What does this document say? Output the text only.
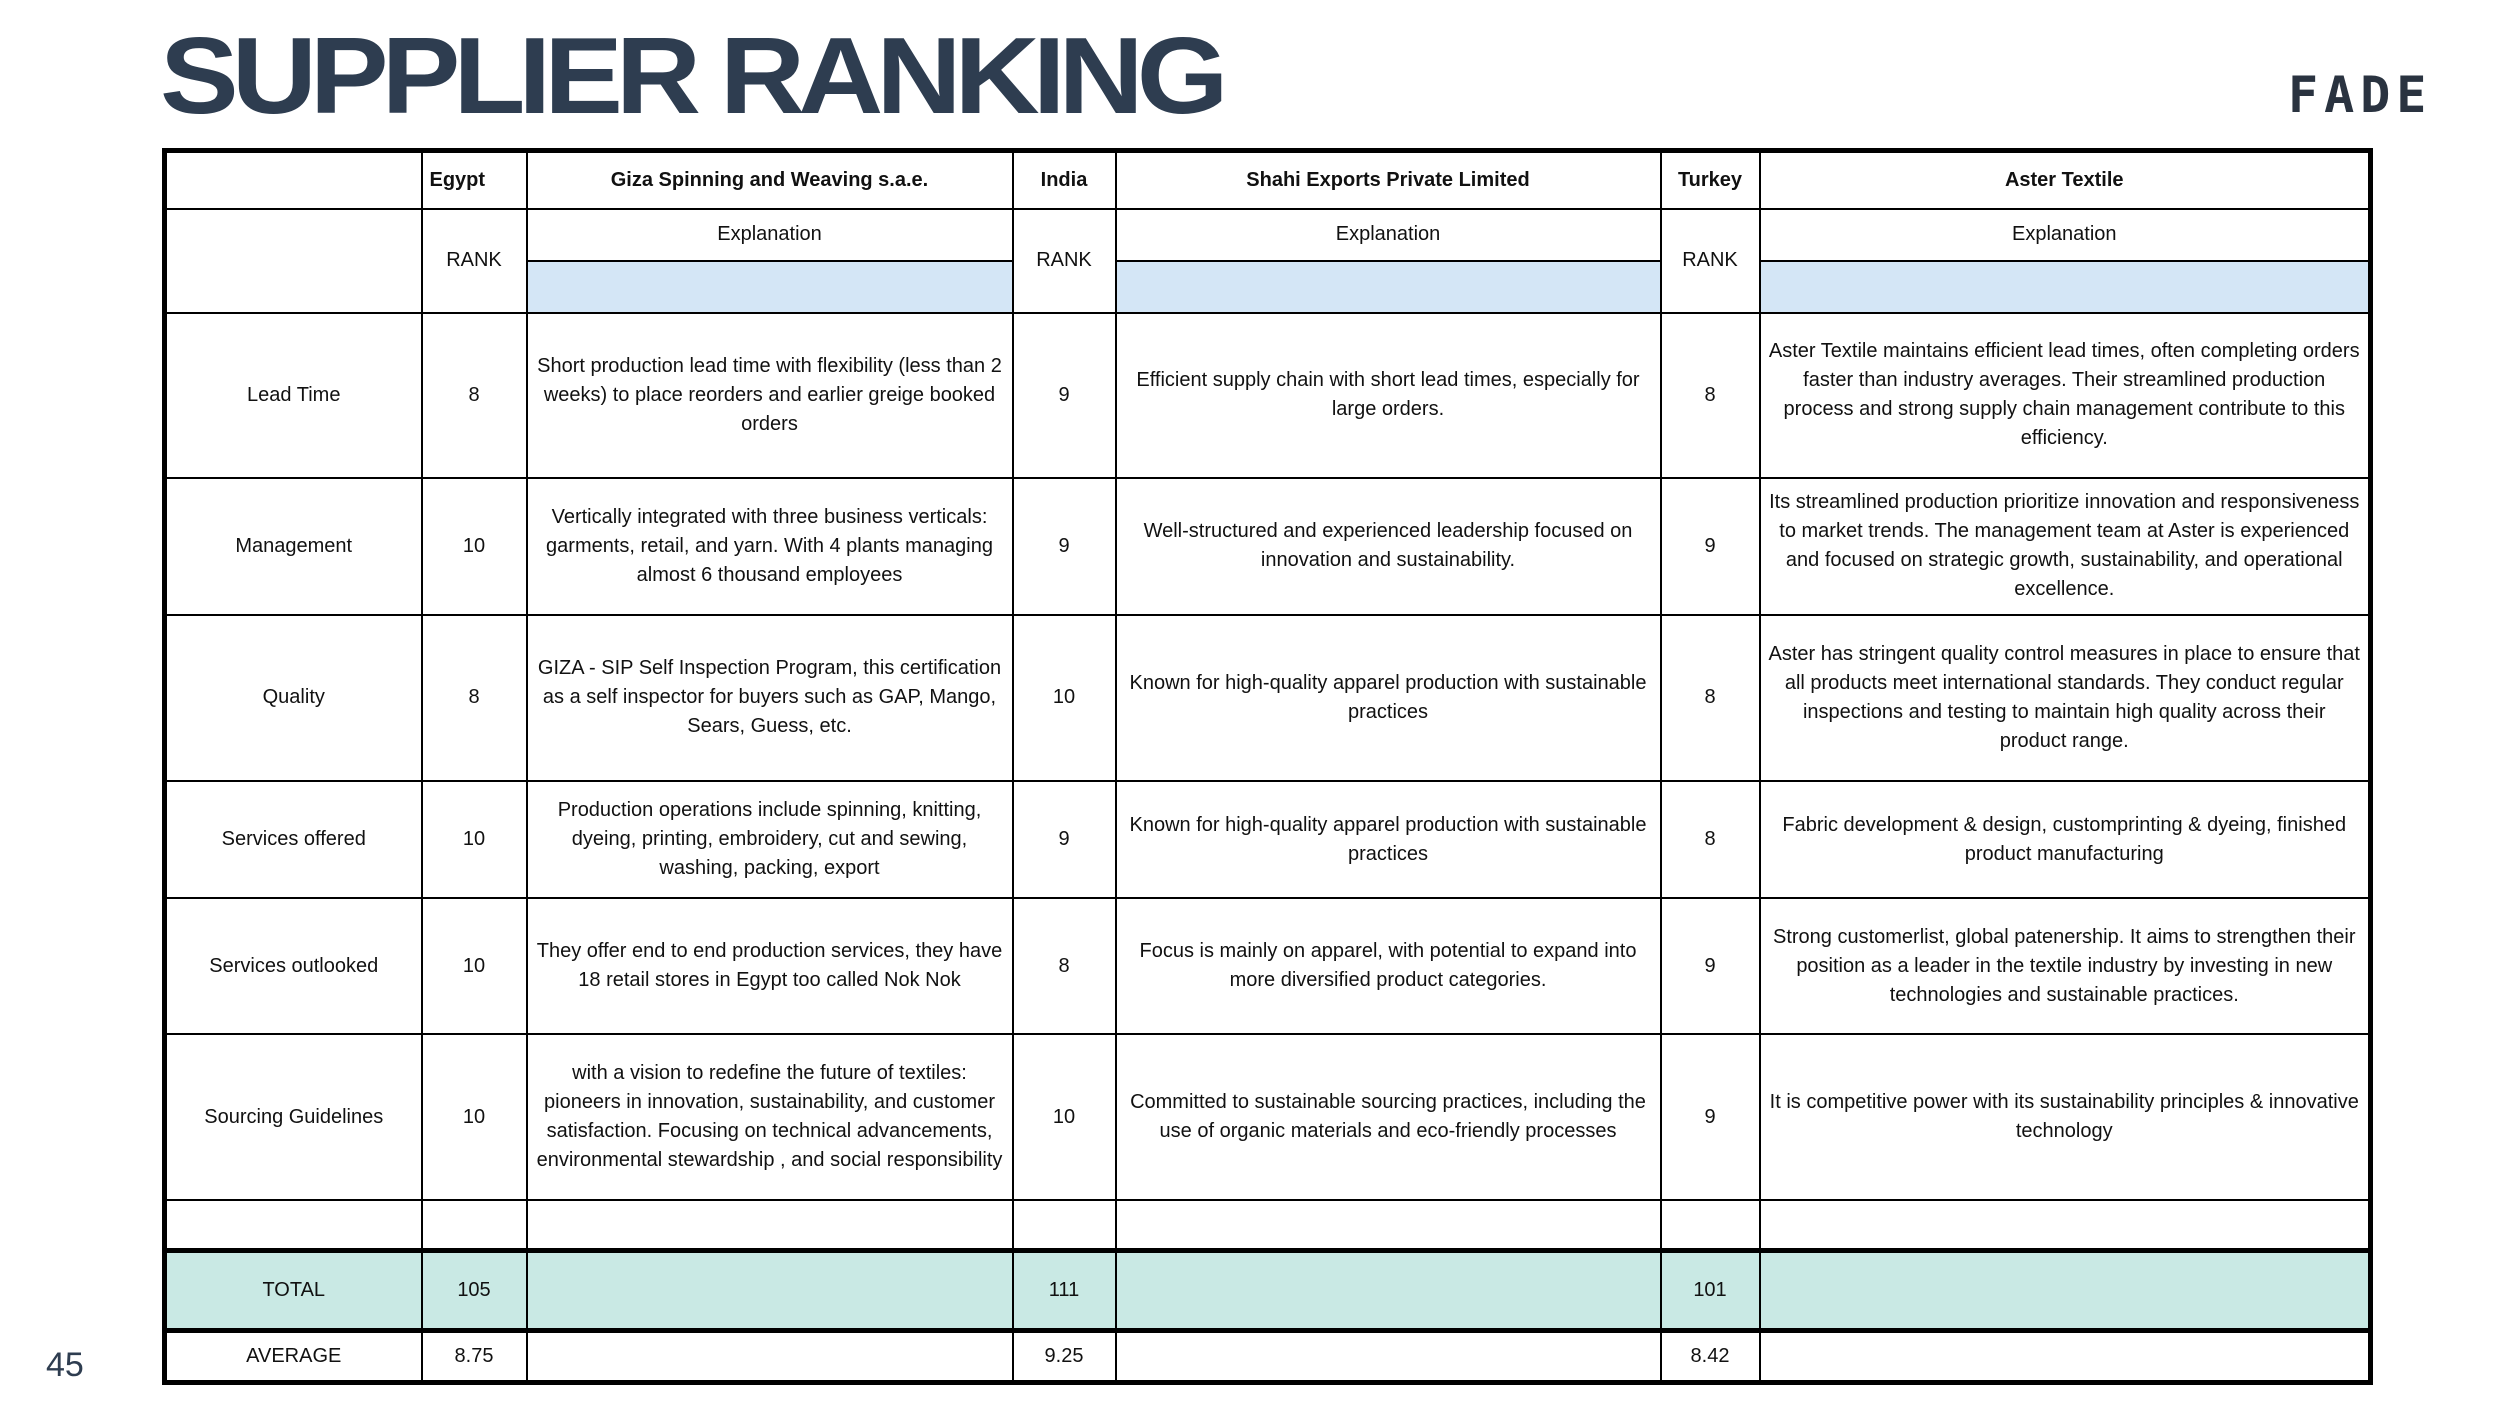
SUPPLIER RANKING	FADE
45
	Egypt	Giza Spinning and Weaving s.a.e.	India	Shahi Exports Private Limited	Turkey	Aster Textile
	RANK	Explanation	RANK	Explanation	RANK	Explanation

Lead Time	8	Short production lead time with flexibility (less than 2 weeks) to place reorders and earlier greige booked orders	9	Efficient supply chain with short lead times, especially for large orders.	8	Aster Textile maintains efficient lead times, often completing orders faster than industry averages. Their streamlined production process and strong supply chain management contribute to this efficiency.
Management	10	Vertically integrated with three business verticals: garments, retail, and yarn. With 4 plants managing almost 6 thousand employees	9	Well-structured and experienced leadership focused on innovation and sustainability.	9	Its streamlined production prioritize innovation and responsiveness to market trends. The management team at Aster is experienced and focused on strategic growth, sustainability, and operational excellence.
Quality	8	GIZA - SIP Self Inspection Program, this certification as a self inspector for buyers such as GAP, Mango, Sears, Guess, etc.	10	Known for high-quality apparel production with sustainable practices	8	Aster has stringent quality control measures in place to ensure that all products meet international standards. They conduct regular inspections and testing to maintain high quality across their product range.
Services offered	10	Production operations include spinning, knitting, dyeing, printing, embroidery, cut and sewing, washing, packing, export	9	Known for high-quality apparel production with sustainable practices	8	Fabric development & design, customprinting & dyeing, finished product manufacturing
Services outlooked	10	They offer end to end production services, they have 18 retail stores in Egypt too called Nok Nok	8	Focus is mainly on apparel, with potential to expand into more diversified product categories.	9	Strong customerlist, global patenership. It aims to strengthen their position as a leader in the textile industry by investing in new technologies and sustainable practices.
Sourcing Guidelines	10	with a vision to redefine the future of textiles: pioneers in innovation, sustainability, and customer satisfaction. Focusing on technical advancements, environmental stewardship , and social responsibility	10	Committed to sustainable sourcing practices, including the use of organic materials and eco-friendly processes	9	It is competitive power with its sustainability principles & innovative technology

TOTAL	105		111		101	
AVERAGE	8.75		9.25		8.42	
